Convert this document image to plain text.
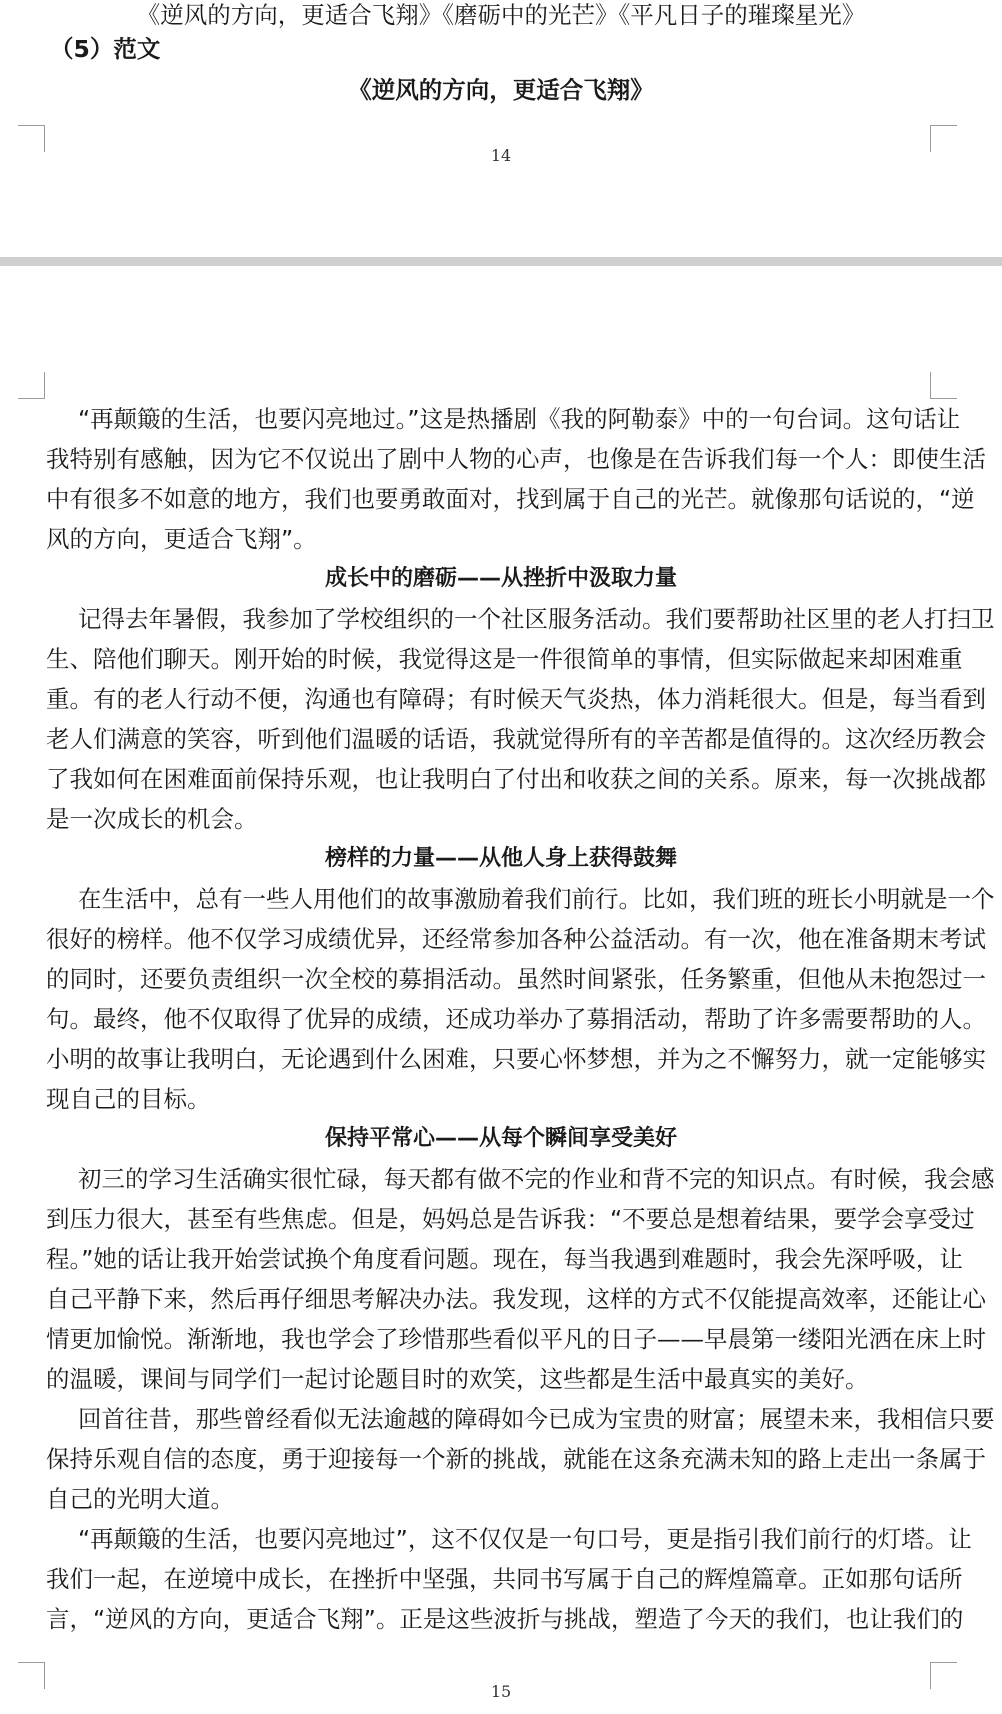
《逆风的方向，更适合飞翔》《磨砺中的光芒》《平凡日子的璀璨星光》
（5）范文
《逆风的方向，更适合飞翔》
14
“再颠簸的生活，也要闪亮地过。”这是热播剧《我的阿勒泰》中的一句台词。这句话让
我特别有感触，因为它不仅说出了剧中人物的心声，也像是在告诉我们每一个人：即使生活
中有很多不如意的地方，我们也要勇敢面对，找到属于自己的光芒。就像那句话说的，“逆
风的方向，更适合飞翔”。
成长中的磨砺——从挫折中汲取力量
记得去年暑假，我参加了学校组织的一个社区服务活动。我们要帮助社区里的老人打扫卫
生、陪他们聊天。刚开始的时候，我觉得这是一件很简单的事情，但实际做起来却困难重
重。有的老人行动不便，沟通也有障碍；有时候天气炎热，体力消耗很大。但是，每当看到
老人们满意的笑容，听到他们温暖的话语，我就觉得所有的辛苦都是值得的。这次经历教会
了我如何在困难面前保持乐观，也让我明白了付出和收获之间的关系。原来，每一次挑战都
是一次成长的机会。
榜样的力量——从他人身上获得鼓舞
在生活中，总有一些人用他们的故事激励着我们前行。比如，我们班的班长小明就是一个
很好的榜样。他不仅学习成绩优异，还经常参加各种公益活动。有一次，他在准备期末考试
的同时，还要负责组织一次全校的募捐活动。虽然时间紧张，任务繁重，但他从未抱怨过一
句。最终，他不仅取得了优异的成绩，还成功举办了募捐活动，帮助了许多需要帮助的人。
小明的故事让我明白，无论遇到什么困难，只要心怀梦想，并为之不懈努力，就一定能够实
现自己的目标。
保持平常心——从每个瞬间享受美好
初三的学习生活确实很忙碌，每天都有做不完的作业和背不完的知识点。有时候，我会感
到压力很大，甚至有些焦虑。但是，妈妈总是告诉我：“不要总是想着结果，要学会享受过
程。”她的话让我开始尝试换个角度看问题。现在，每当我遇到难题时，我会先深呼吸，让
自己平静下来，然后再仔细思考解决办法。我发现，这样的方式不仅能提高效率，还能让心
情更加愉悦。渐渐地，我也学会了珍惜那些看似平凡的日子——早晨第一缕阳光洒在床上时
的温暖，课间与同学们一起讨论题目时的欢笑，这些都是生活中最真实的美好。
回首往昔，那些曾经看似无法逾越的障碍如今已成为宝贵的财富；展望未来，我相信只要
保持乐观自信的态度，勇于迎接每一个新的挑战，就能在这条充满未知的路上走出一条属于
自己的光明大道。
“再颠簸的生活，也要闪亮地过”，这不仅仅是一句口号，更是指引我们前行的灯塔。让
我们一起，在逆境中成长，在挫折中坚强，共同书写属于自己的辉煌篇章。正如那句话所
言，“逆风的方向，更适合飞翔”。正是这些波折与挑战，塑造了今天的我们，也让我们的
15
